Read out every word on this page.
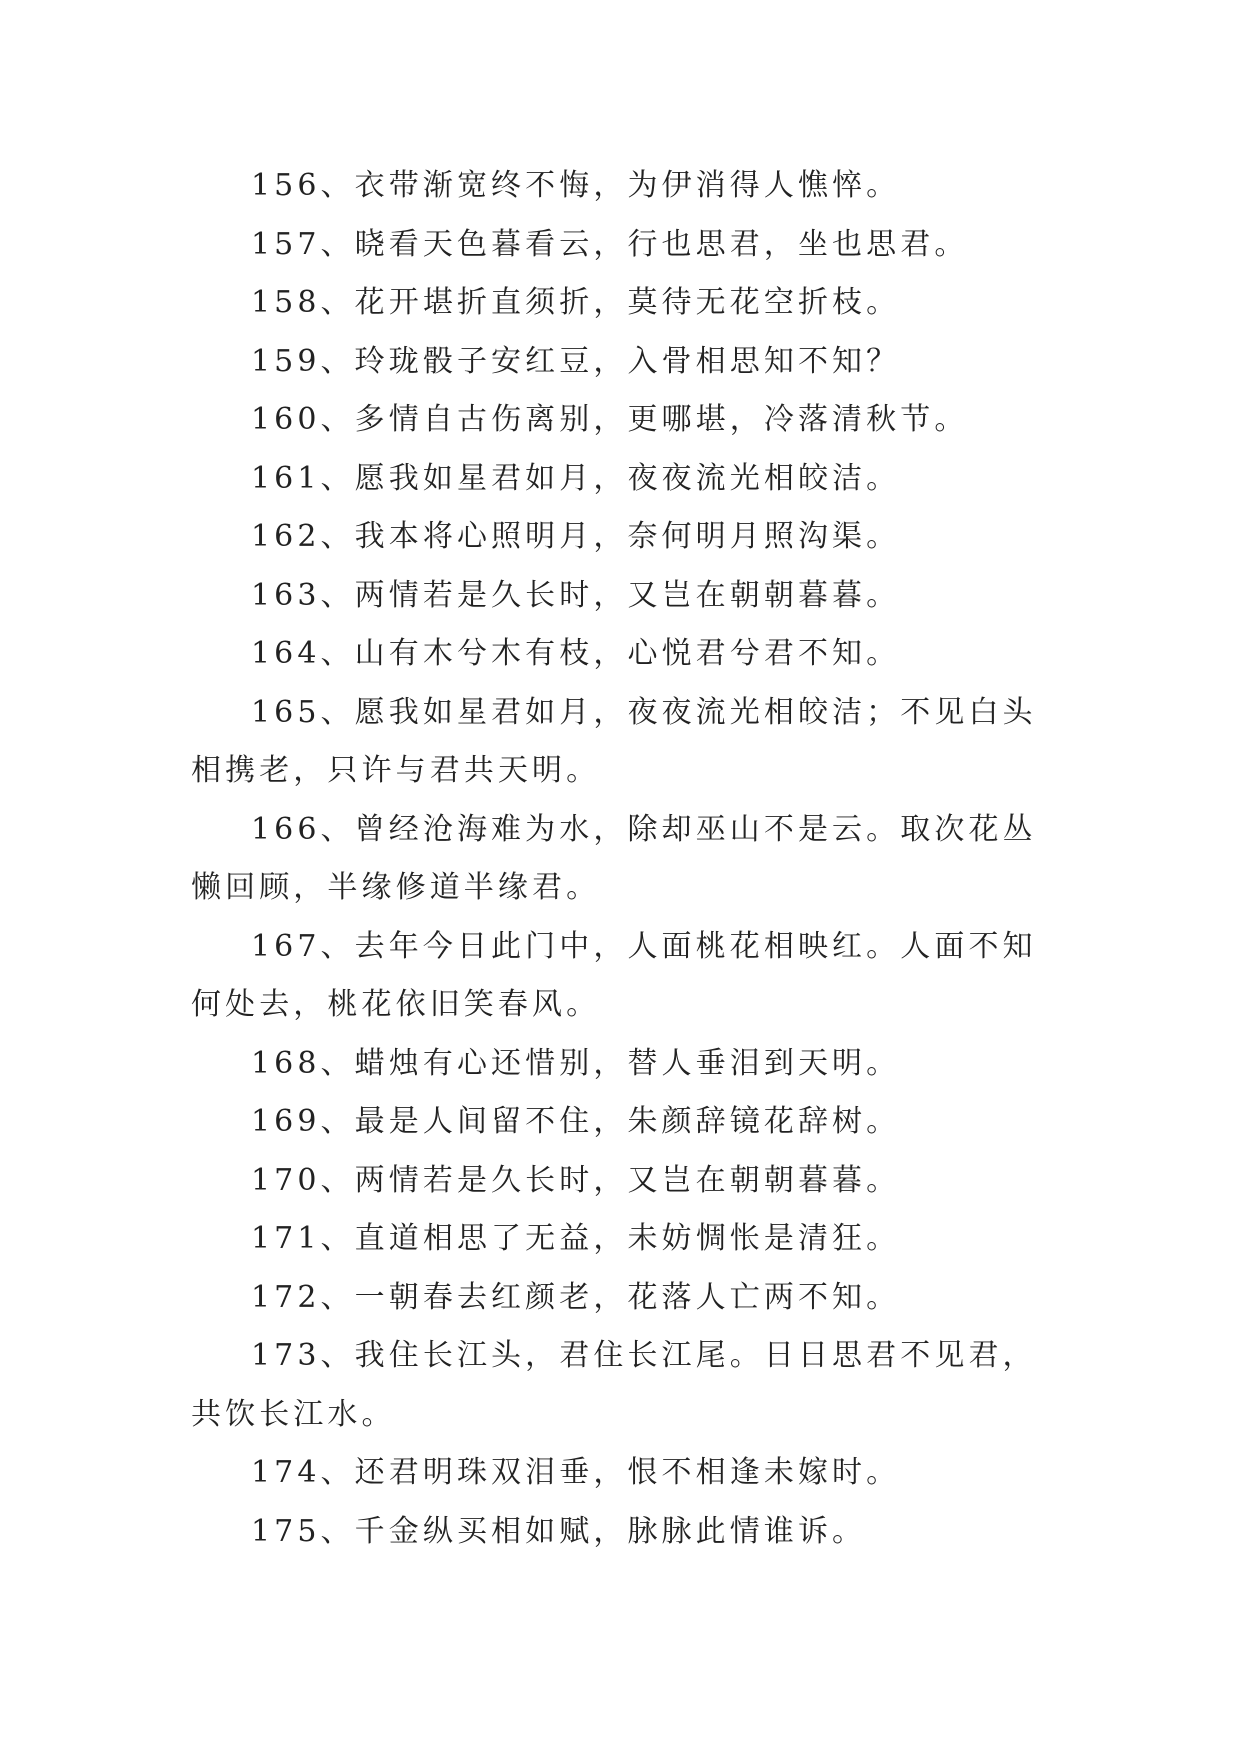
156、衣带渐宽终不悔，为伊消得人憔悴。

157、晓看天色暮看云，行也思君，坐也思君。

158、花开堪折直须折，莫待无花空折枝。

159、玲珑骰子安红豆，入骨相思知不知？

160、多情自古伤离别，更哪堪，冷落清秋节。

161、愿我如星君如月，夜夜流光相皎洁。

162、我本将心照明月，奈何明月照沟渠。

163、两情若是久长时，又岂在朝朝暮暮。

164、山有木兮木有枝，心悦君兮君不知。

165、愿我如星君如月，夜夜流光相皎洁；不见白头相携老，只许与君共天明。

166、曾经沧海难为水，除却巫山不是云。取次花丛懒回顾，半缘修道半缘君。

167、去年今日此门中，人面桃花相映红。人面不知何处去，桃花依旧笑春风。

168、蜡烛有心还惜别，替人垂泪到天明。

169、最是人间留不住，朱颜辞镜花辞树。

170、两情若是久长时，又岂在朝朝暮暮。

171、直道相思了无益，未妨惆怅是清狂。

172、一朝春去红颜老，花落人亡两不知。

173、我住长江头，君住长江尾。日日思君不见君，共饮长江水。

174、还君明珠双泪垂，恨不相逢未嫁时。

175、千金纵买相如赋，脉脉此情谁诉。
